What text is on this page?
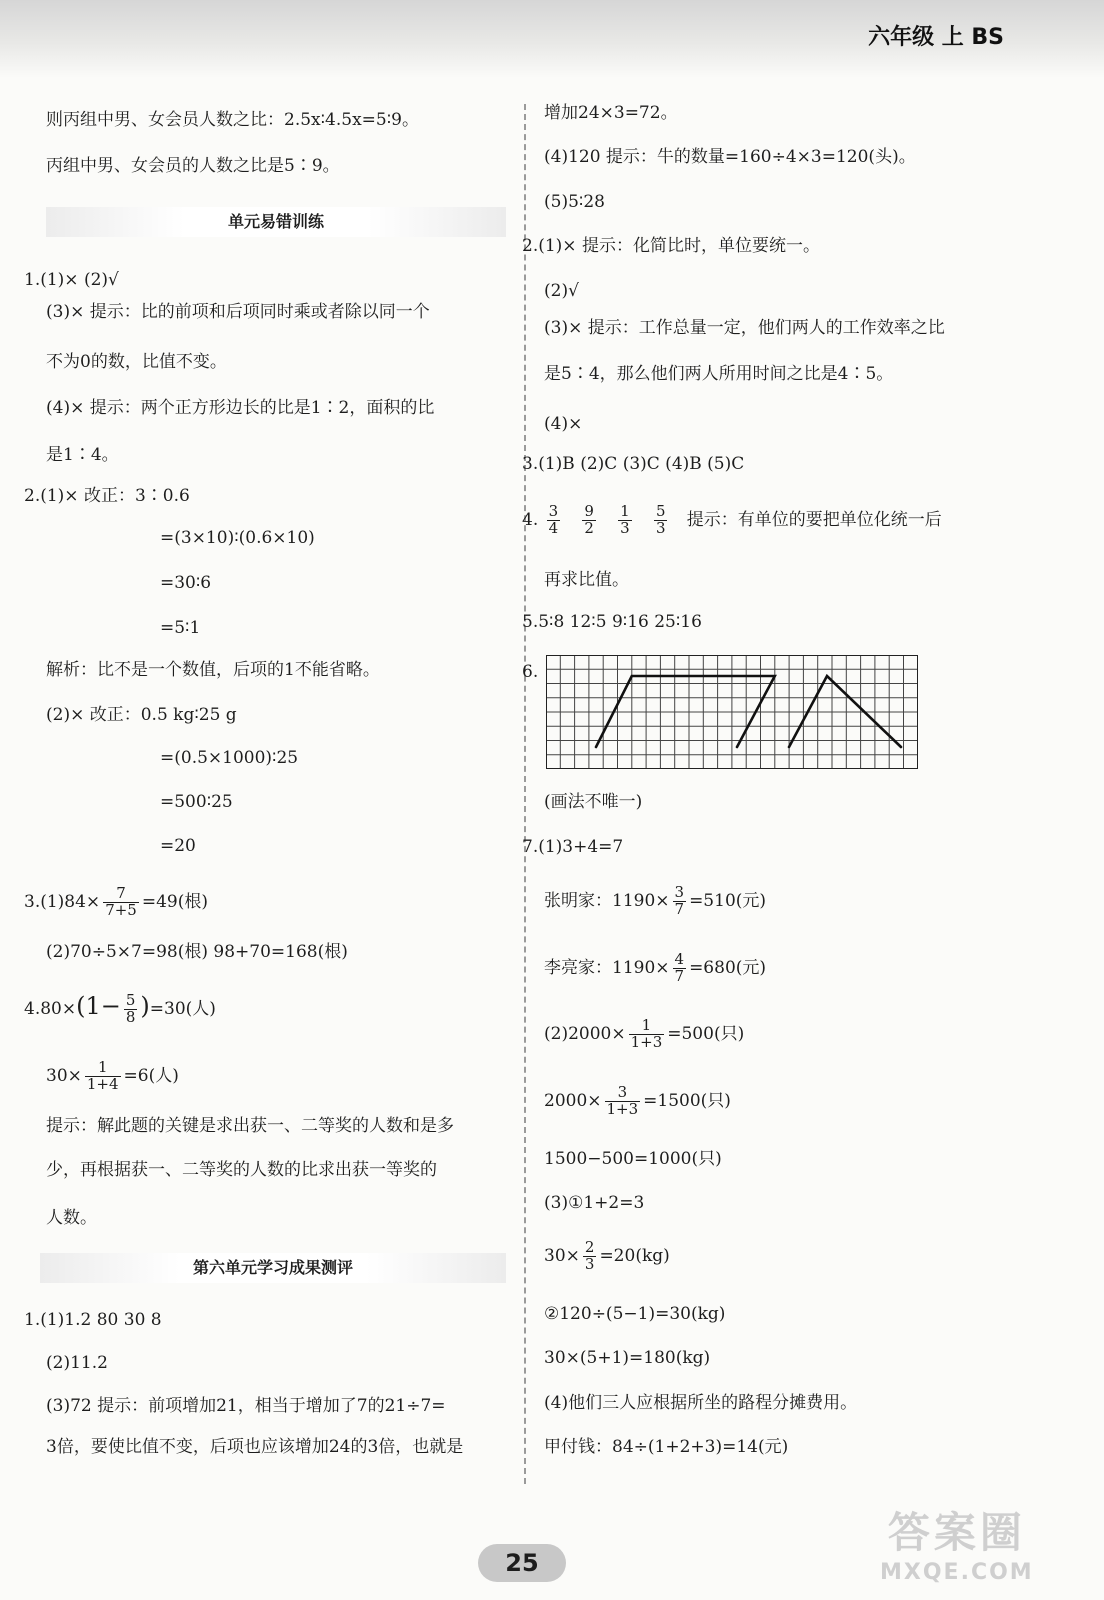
六年级 上 BS
则丙组中男、女会员人数之比：2.5x∶4.5x=5∶9。
丙组中男、女会员的人数之比是5∶9。
单元易错训练
1.(1)× (2)√
(3)× 提示：比的前项和后项同时乘或者除以同一个
不为0的数，比值不变。
(4)× 提示：两个正方形边长的比是1∶2，面积的比
是1∶4。
2.(1)× 改正：3∶0.6
=(3×10)∶(0.6×10)
=30∶6
=5∶1
解析：比不是一个数值，后项的1不能省略。
(2)× 改正：0.5 kg∶25 g
=(0.5×1000)∶25
=500∶25
=20
$3.(1)84\times \frac{7}{7+5} =49$(根)
(2)70÷5×7=98(根) 98+70=168(根)
$4.80\times(1- \frac{5}{8} )=30$(人)
$30\times \frac{1}{1+4} =6$(人)
提示：解此题的关键是求出获一、二等奖的人数和是多
少，再根据获一、二等奖的人数的比求出获一等奖的
人数。
第六单元学习成果测评
1.(1)1.2 80 30 8
(2)11.2
(3)72 提示：前项增加21，相当于增加了7的21÷7=
3倍，要使比值不变，后项也应该增加24的3倍，也就是
增加24×3=72。
(4)120 提示：牛的数量=160÷4×3=120(头)。
(5)5∶28
2.(1)× 提示：化简比时，单位要统一。
(2)√
(3)× 提示：工作总量一定，他们两人的工作效率之比
是5∶4，那么他们两人所用时间之比是4∶5。
(4)×
3.(1)B (2)C (3)C (4)B (5)C
4. $\frac{3}{4}$
$\frac{9}{2}$
$\frac{1}{3}$
$\frac{5}{3}$ 提示：有单位的要把单位化统一后
再求比值。
5.5∶8 12∶5 9∶16 25∶16
6.
(画法不唯一)
7.(1)3+4=7
张明家：$1190\times \frac{3}{7} =510$(元)
李亮家：$1190\times \frac{4}{7} =680$(元)
$(2)2000\times \frac{1}{1+3} =500$(只)
$2000\times \frac{3}{1+3} =1500$(只)
1500−500=1000(只)
(3)①1+2=3
$30\times \frac{2}{3} =20(kg)$
②120÷(5−1)=30(kg)
30×(5+1)=180(kg)
(4)他们三人应根据所坐的路程分摊费用。
甲付钱：84÷(1+2+3)=14(元)
25
答案圈
MXQE.COM
